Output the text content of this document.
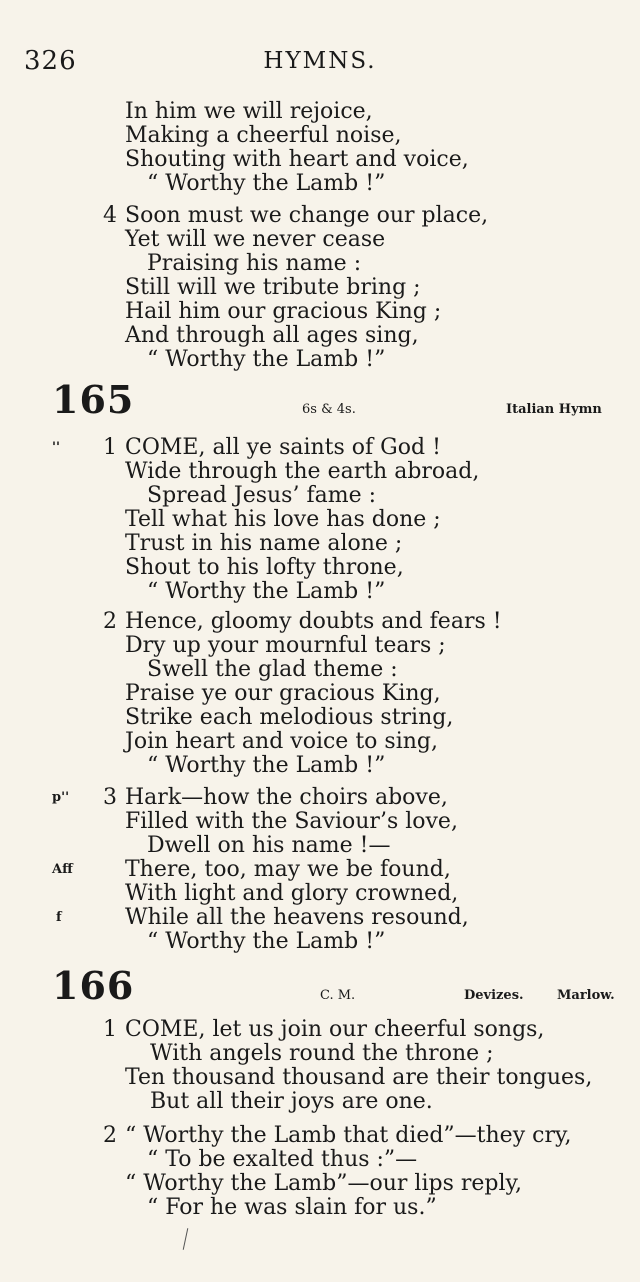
326	HYMNS.
In him we will rejoice,
Making a cheerful noise,
Shouting with heart and voice,
“ Worthy the Lamb !”
4 Soon must we change our place,
Yet will we never cease
Praising his name :
Still will we tribute bring ;
Hail him our gracious King ;
And through all ages sing,
“ Worthy the Lamb !”
165	6s & 4s.	Italian Hymn
'' 1 COME, all ye saints of God !
Wide through the earth abroad,
Spread Jesus’ fame :
Tell what his love has done ;
Trust in his name alone ;
Shout to his lofty throne,
“ Worthy the Lamb !”
2 Hence, gloomy doubts and fears !
Dry up your mournful tears ;
Swell the glad theme :
Praise ye our gracious King,
Strike each melodious string,
Join heart and voice to sing,
“ Worthy the Lamb !”
p'' 3 Hark—how the choirs above,
Filled with the Saviour’s love,
Dwell on his name !—
Aff There, too, may we be found,
With light and glory crowned,
f	While all the heavens resound,
“ Worthy the Lamb !”
166	C. M.	Devizes.	Marlow.
1 COME, let us join our cheerful songs,
With angels round the throne ;
Ten thousand thousand are their tongues,
But all their joys are one.
2 “ Worthy the Lamb that died”—they cry,
“ To be exalted thus :”—
“ Worthy the Lamb”—our lips reply,
“ For he was slain for us.”
